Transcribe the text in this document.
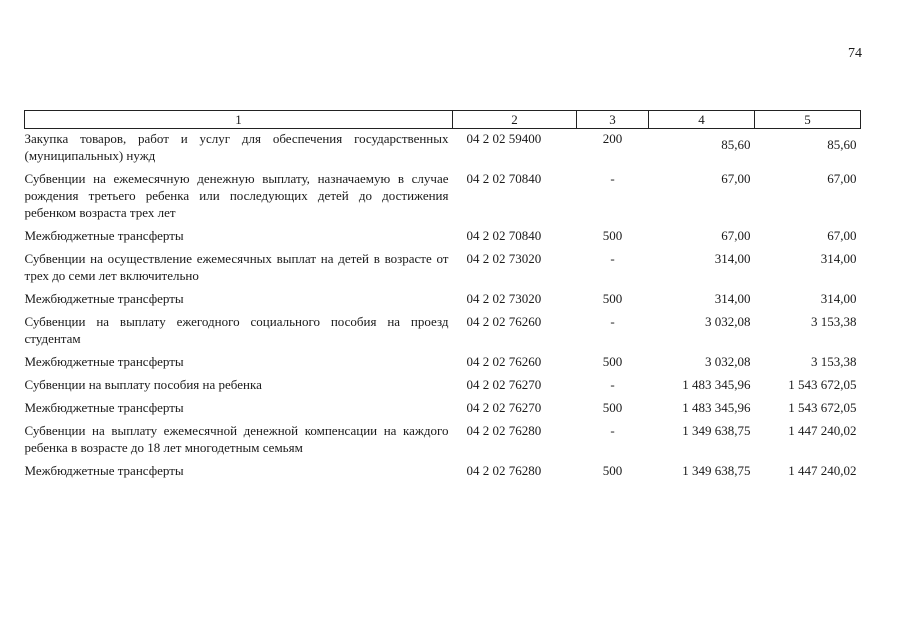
74
1	2	3	4	5
Закупка товаров, работ и услуг для обеспечения государственных (муниципальных) нужд	04 2 02 59400	200	85,60	85,60
Субвенции на ежемесячную денежную выплату, назначаемую в случае рождения третьего ребенка или последующих детей до достижения ребенком возраста трех лет	04 2 02 70840	-	67,00	67,00
Межбюджетные трансферты	04 2 02 70840	500	67,00	67,00
Субвенции на осуществление ежемесячных выплат на детей в возрасте от трех до семи лет включительно	04 2 02 73020	-	314,00	314,00
Межбюджетные трансферты	04 2 02 73020	500	314,00	314,00
Субвенции на выплату ежегодного социального пособия на проезд студентам	04 2 02 76260	-	3 032,08	3 153,38
Межбюджетные трансферты	04 2 02 76260	500	3 032,08	3 153,38
Субвенции на выплату пособия на ребенка	04 2 02 76270	-	1 483 345,96	1 543 672,05
Межбюджетные трансферты	04 2 02 76270	500	1 483 345,96	1 543 672,05
Субвенции на выплату ежемесячной денежной компенсации на каждого ребенка в возрасте до 18 лет многодетным семьям	04 2 02 76280	-	1 349 638,75	1 447 240,02
Межбюджетные трансферты	04 2 02 76280	500	1 349 638,75	1 447 240,02
